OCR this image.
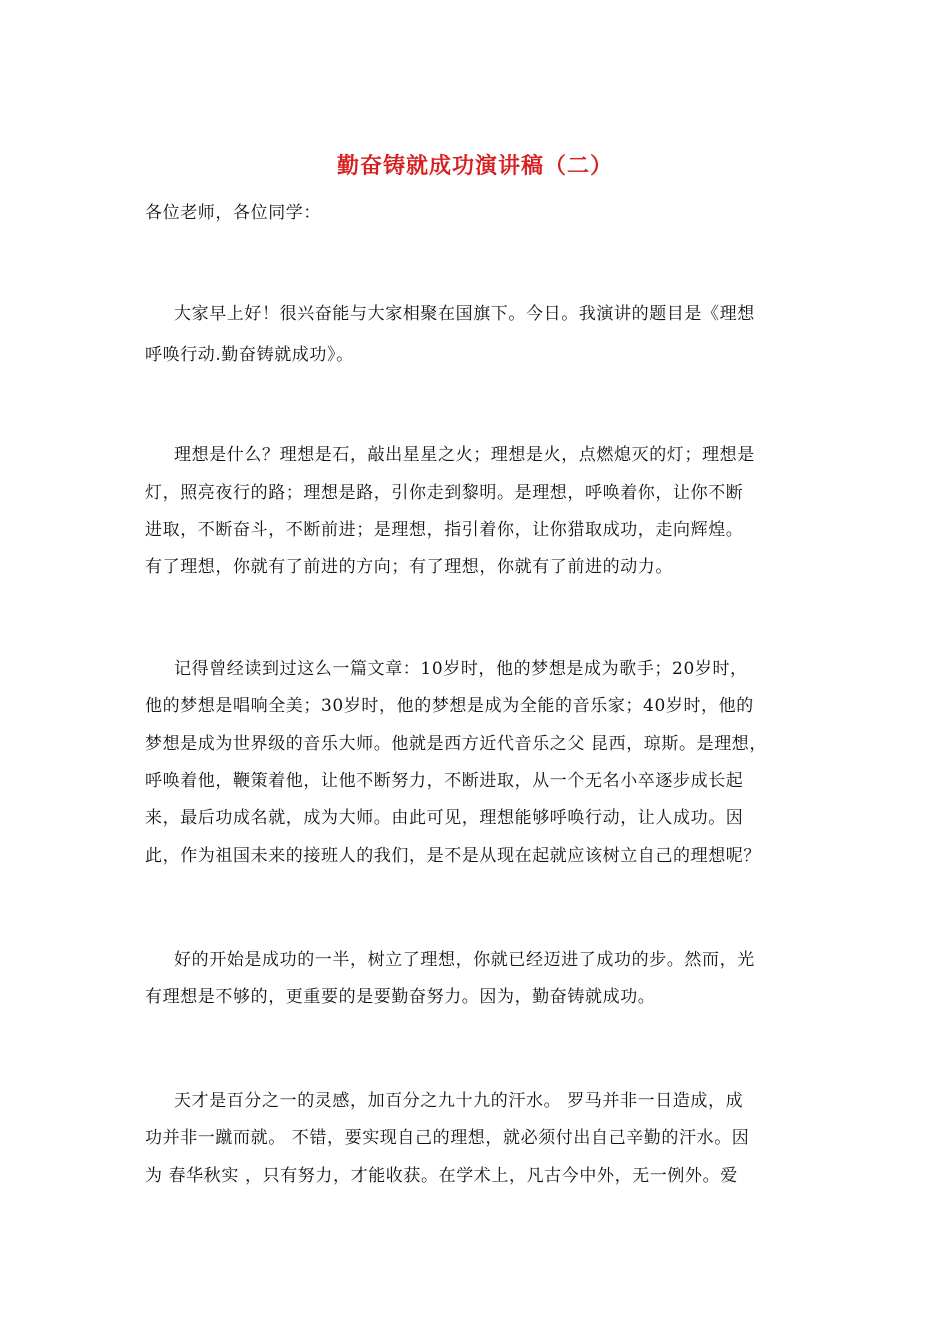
勤奋铸就成功演讲稿（二）
各位老师，各位同学：
大家早上好！很兴奋能与大家相聚在国旗下。今日。我演讲的题目是《理想
呼唤行动.勤奋铸就成功》。
理想是什么？理想是石，敲出星星之火；理想是火，点燃熄灭的灯；理想是
灯，照亮夜行的路；理想是路，引你走到黎明。是理想，呼唤着你，让你不断
进取，不断奋斗，不断前进；是理想，指引着你，让你猎取成功，走向辉煌。
有了理想，你就有了前进的方向；有了理想，你就有了前进的动力。
记得曾经读到过这么一篇文章：10岁时，他的梦想是成为歌手；20岁时，
他的梦想是唱响全美；30岁时，他的梦想是成为全能的音乐家；40岁时，他的
梦想是成为世界级的音乐大师。他就是西方近代音乐之父 昆西，琼斯。是理想，
呼唤着他，鞭策着他，让他不断努力，不断进取，从一个无名小卒逐步成长起
来，最后功成名就，成为大师。由此可见，理想能够呼唤行动，让人成功。因
此，作为祖国未来的接班人的我们，是不是从现在起就应该树立自己的理想呢？
好的开始是成功的一半，树立了理想，你就已经迈进了成功的步。然而，光
有理想是不够的，更重要的是要勤奋努力。因为，勤奋铸就成功。
天才是百分之一的灵感，加百分之九十九的汗水。 罗马并非一日造成，成
功并非一蹴而就。 不错，要实现自己的理想，就必须付出自己辛勤的汗水。因
为 春华秋实 ，只有努力，才能收获。在学术上，凡古今中外，无一例外。爱
